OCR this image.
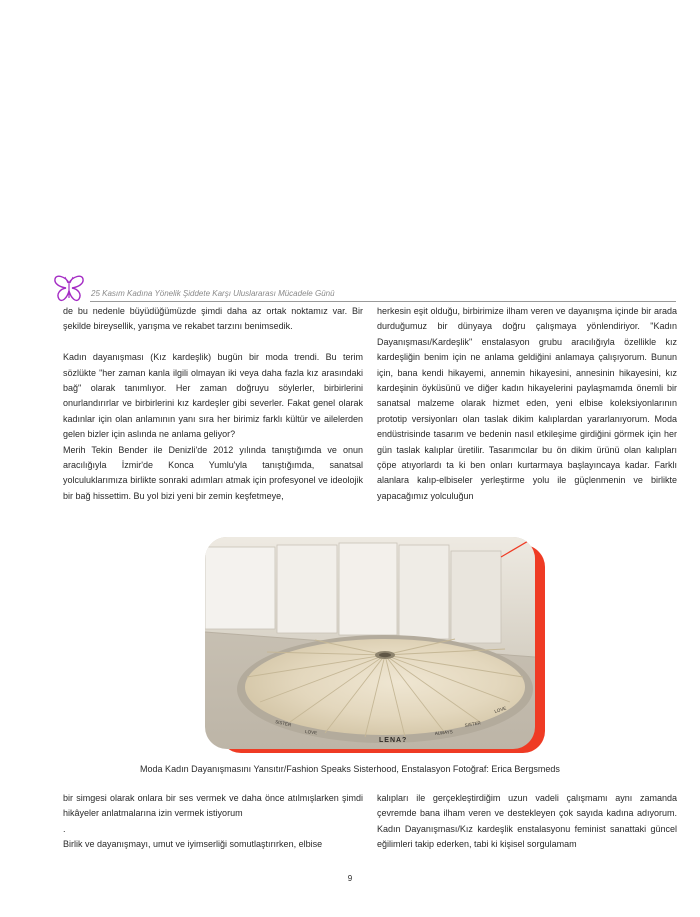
25 Kasım Kadına Yönelik Şiddete Karşı Uluslararası Mücadele Günü

de bu nedenle büyüdüğümüzde şimdi daha az ortak noktamız var. Bir şekilde bireysellik, yarışma ve rekabet tarzını benimsedik.

Kadın dayanışması (Kız kardeşlik) bugün bir moda trendi. Bu terim sözlükte "her zaman kanla ilgili olmayan iki veya daha fazla kız arasındaki bağ" olarak tanımlıyor. Her zaman doğruyu söylerler, birbirlerini onurlandırırlar ve birbirlerini kız kardeşler gibi severler. Fakat genel olarak kadınlar için olan anlamının yanı sıra her birimiz farklı kültür ve ailelerden gelen bizler için aslında ne anlama geliyor?

Merih Tekin Bender ile Denizli'de 2012 yılında tanıştığımda ve onun aracılığıyla İzmir'de Konca Yumlu'yla tanıştığımda, sanatsal yolculuklarımıza birlikte sonraki adımları atmak için profesyonel ve ideolojik bir bağ hissettim. Bu yol bizi yeni bir zemin keşfetmeye,

herkesin eşit olduğu, birbirimize ilham veren ve dayanışma içinde bir arada durduğumuz bir dünyaya doğru çalışmaya yönlendiriyor. "Kadın Dayanışması/Kardeşlik" enstalasyon grubu aracılığıyla özellikle kız kardeşliğin benim için ne anlama geldiğini anlamaya çalışıyorum. Bunun için, bana kendi hikayemi, annemin hikayesini, annesinin hikayesini, kız kardeşinin öyküsünü ve diğer kadın hikayelerini paylaşmamda önemli bir sanatsal malzeme olarak hizmet eden, yeni elbise koleksiyonlarının prototip versiyonları olan taslak dikim kalıplardan yararlanıyorum. Moda endüstrisinde tasarım ve bedenin nasıl etkileşime girdiğini görmek için her gün taslak kalıplar üretilir. Tasarımcılar bu ön dikim ürünü olan kalıpları çöpe atıyorlardı ta ki ben onları kurtarmaya başlayıncaya kadar. Farklı alanlara kalıp-elbiseler yerleştirme yolu ile güçlenmenin ve birlikte yapacağımız yolculuğun

SISTER
LOVE
SISTER
LOVE
ALWAYS
LENA?
Moda Kadın Dayanışmasını Yansıtır/Fashion Speaks Sisterhood, Enstalasyon Fotoğraf: Erica Bergsmeds

bir simgesi olarak onlara bir ses vermek ve daha önce atılmışlarken şimdi hikâyeler anlatmalarına izin vermek istiyorum

.

Birlik ve dayanışmayı, umut ve iyimserliği somutlaştırırken, elbise

kalıpları ile gerçekleştirdiğim uzun vadeli çalışmamı aynı zamanda çevremde bana ilham veren ve destekleyen çok sayıda kadına adıyorum. Kadın Dayanışması/Kız kardeşlik enstalasyonu feminist sanattaki güncel eğilimleri takip ederken, tabi ki kişisel sorgulamam

9
